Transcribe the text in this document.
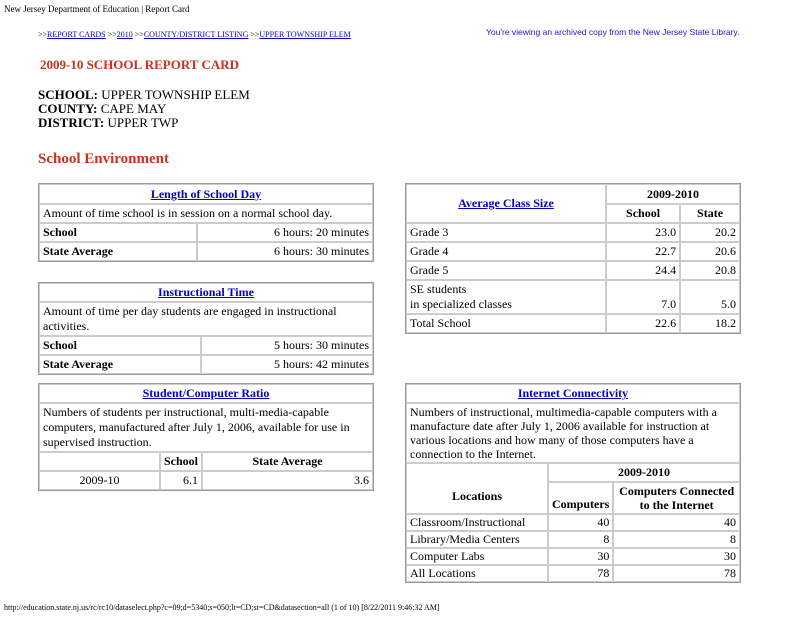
New Jersey Department of Education | Report Card
>>REPORT CARDS >>2010 >>COUNTY/DISTRICT LISTING >>UPPER TOWNSHIP ELEM	You're viewing an archived copy from the New Jersey State Library.
2009-10 SCHOOL REPORT CARD
SCHOOL: UPPER TOWNSHIP ELEM
COUNTY: CAPE MAY
DISTRICT: UPPER TWP
School Environment
Length of School Day	
Amount of time school is in session on a normal school day.	
School	6 hours: 20 minutes
State Average	6 hours: 30 minutes
Instructional Time	
Amount of time per day students are engaged in instructional activities.	
School	5 hours: 30 minutes
State Average	5 hours: 42 minutes
Student/Computer Ratio		
Numbers of students per instructional, multi-media-capable computers, manufactured after July 1, 2006, available for use in supervised instruction.		
	School	State Average
2009-10	6.1	3.6
Average Class Size	2009-2010	
	School	State
Grade 3	23.0	20.2
Grade 4	22.7	20.6
Grade 5	24.4	20.8
SE students
in specialized classes	7.0	5.0
Total School	22.6	18.2
Internet Connectivity		
Numbers of instructional, multimedia-capable computers with a manufacture date after July 1, 2006 available for instruction at various locations and how many of those computers have a connection to the Internet.		

Locations	2009-2010	
	Computers	Computers Connected to the Internet
Classroom/Instructional	40	40
Library/Media Centers	8	8
Computer Labs	30	30
All Locations	78	78
http://education.state.nj.us/rc/rc10/dataselect.php?c=09;d=5340;s=050;lt=CD;st=CD&datasection=all (1 of 10) [8/22/2011 9:46:32 AM]
